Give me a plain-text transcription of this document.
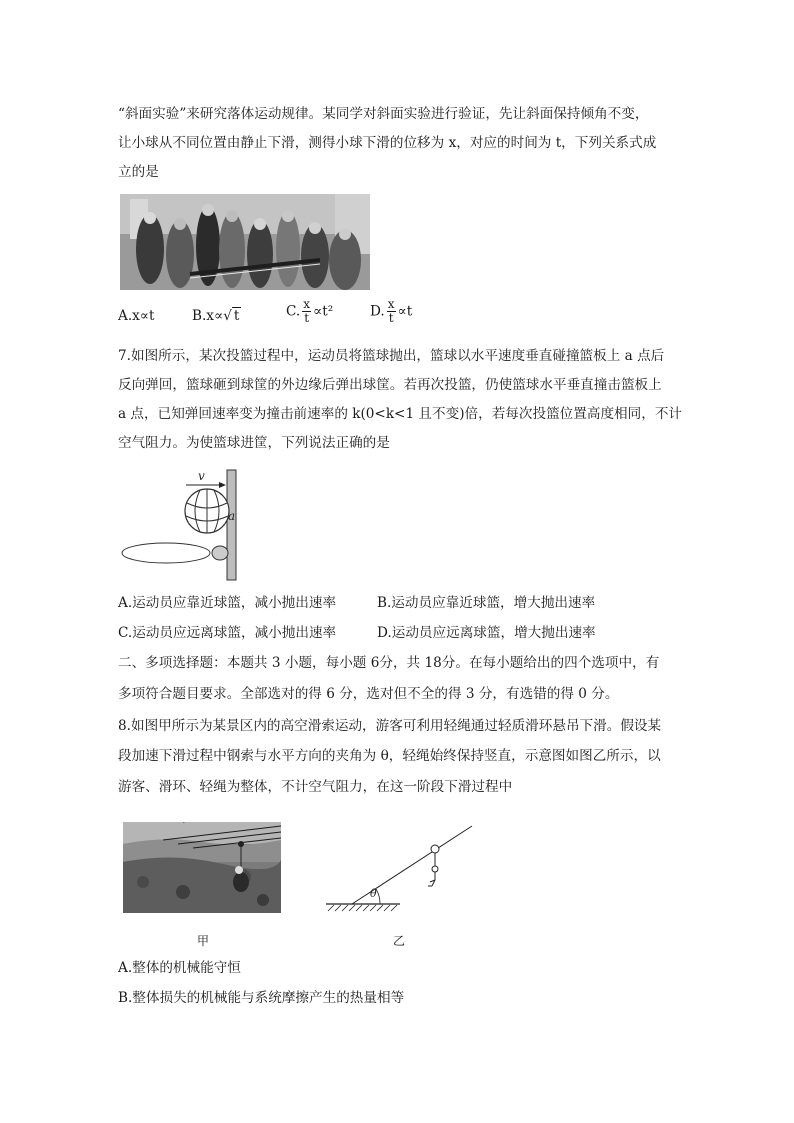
“斜面实验”来研究落体运动规律。某同学对斜面实验进行验证，先让斜面保持倾角不变，
让小球从不同位置由静止下滑，测得小球下滑的位移为 x，对应的时间为 t，下列关系式成
立的是
A.x∝t	B.x∝√ t	C. $\frac{x}{t} \propto t^2$	D. $\frac{x}{t} \propto t$
7.如图所示，某次投篮过程中，运动员将篮球抛出，篮球以水平速度垂直碰撞篮板上 a 点后
反向弹回，篮球砸到球筐的外边缘后弹出球筐。若再次投篮，仍使篮球水平垂直撞击篮板上
a 点，已知弹回速率变为撞击前速率的 k(0<k<1 且不变)倍，若每次投篮位置高度相同，不计
空气阻力。为使篮球进筐，下列说法正确的是
v
a
A.运动员应靠近球篮，减小抛出速率	B.运动员应靠近球篮，增大抛出速率
C.运动员应远离球篮，减小抛出速率	D.运动员应远离球篮，增大抛出速率
二、多项选择题：本题共 3 小题，每小题 6分，共 18分。在每小题给出的四个选项中，有
多项符合题目要求。全部选对的得 6 分，选对但不全的得 3 分，有选错的得 0 分。
8.如图甲所示为某景区内的高空滑索运动，游客可利用轻绳通过轻质滑环悬吊下滑。假设某
段加速下滑过程中钢索与水平方向的夹角为 θ，轻绳始终保持竖直，示意图如图乙所示，以
游客、滑环、轻绳为整体，不计空气阻力，在这一阶段下滑过程中
θ
甲	乙
A.整体的机械能守恒
B.整体损失的机械能与系统摩擦产生的热量相等
